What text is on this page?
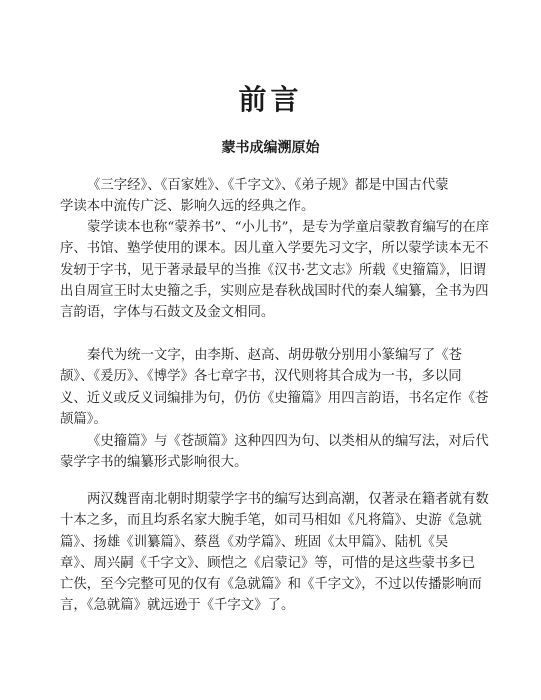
前言
蒙书成编溯原始

《三字经》、《百家姓》、《千字文》、《弟子规》都是中国古代蒙
学读本中流传广泛、影响久远的经典之作。

蒙学读本也称“蒙养书”、“小儿书”，是专为学童启蒙教育编写的在庠
序、书馆、塾学使用的课本。因儿童入学要先习文字，所以蒙学读本无不
发轫于字书，见于著录最早的当推《汉书·艺文志》所载《史籀篇》，旧谓
出自周宣王时太史籀之手，实则应是春秋战国时代的秦人编纂，全书为四
言韵语，字体与石鼓文及金文相同。

秦代为统一文字，由李斯、赵高、胡毋敬分别用小篆编写了《苍
颉》、《爰历》、《博学》各七章字书，汉代则将其合成为一书，多以同
义、近义或反义词编排为句，仍仿《史籀篇》用四言韵语，书名定作《苍
颉篇》。

《史籀篇》与《苍颉篇》这种四四为句、以类相从的编写法，对后代
蒙学字书的编纂形式影响很大。

两汉魏晋南北朝时期蒙学字书的编写达到高潮，仅著录在籍者就有数
十本之多，而且均系名家大腕手笔，如司马相如《凡将篇》、史游《急就
篇》、扬雄《训纂篇》、蔡邕《劝学篇》、班固《太甲篇》、陆机《吴
章》、周兴嗣《千字文》、顾恺之《启蒙记》等，可惜的是这些蒙书多已
亡佚，至今完整可见的仅有《急就篇》和《千字文》，不过以传播影响而
言，《急就篇》就远逊于《千字文》了。
